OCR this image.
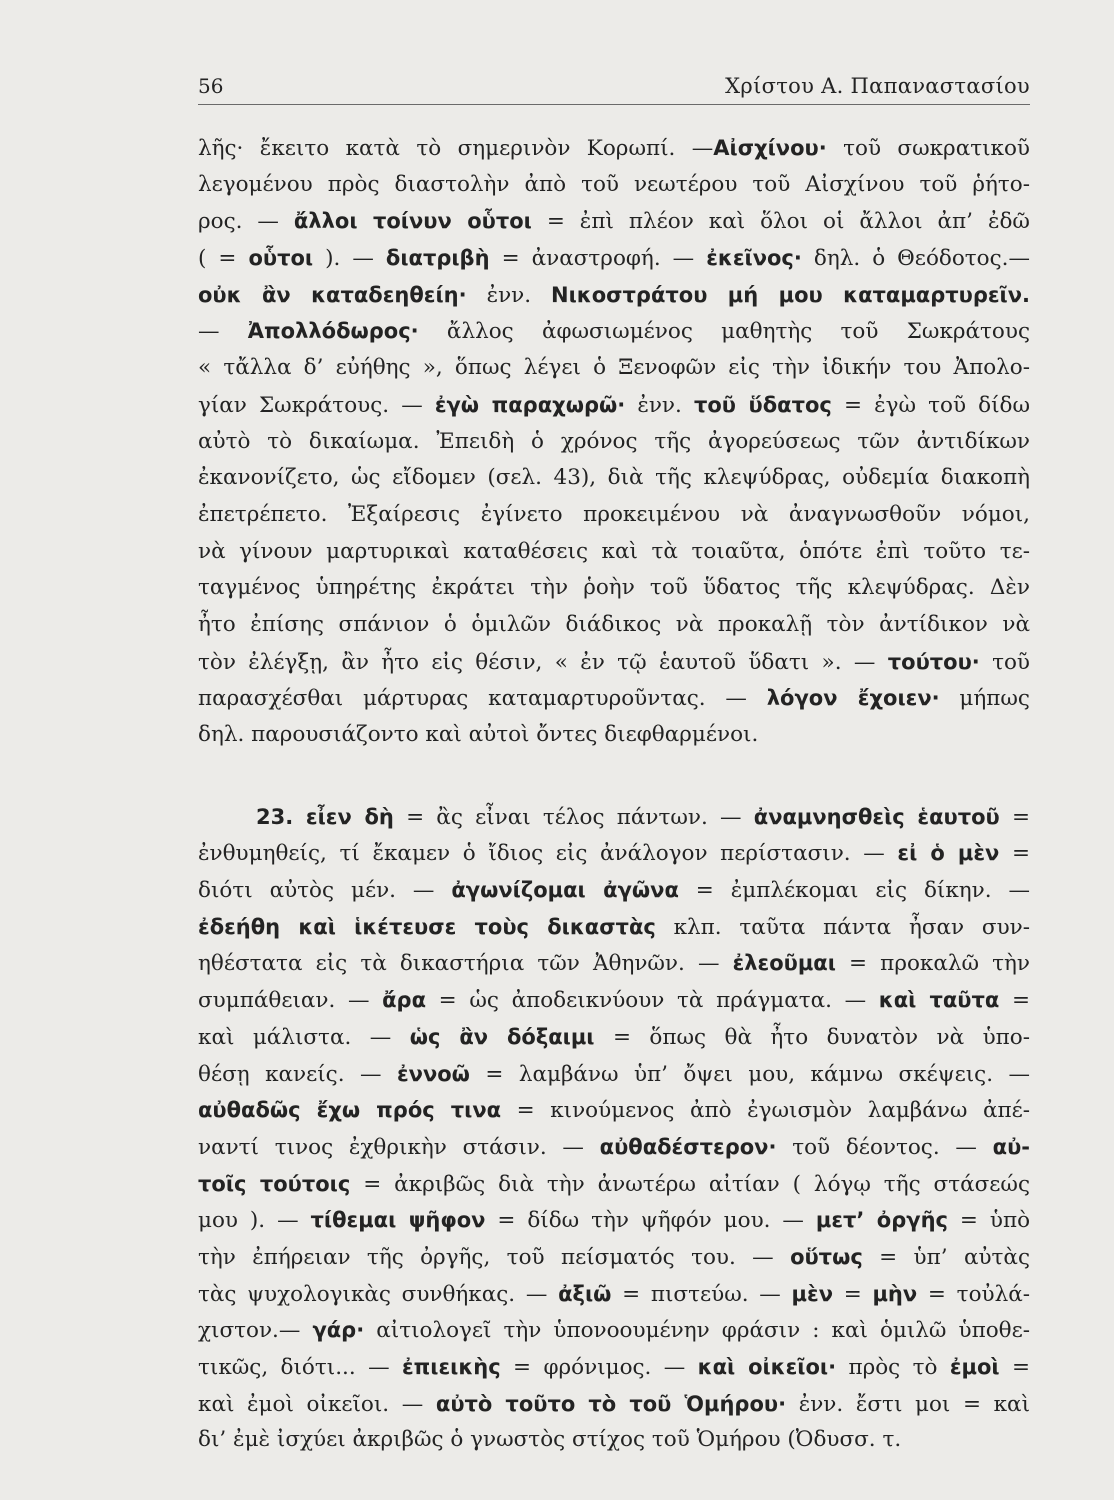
56	Χρίστου Α. Παπαναστασίου
λῆς· ἔκειτο κατὰ τὸ σημερινὸν Κορωπί. —Αἰσχίνου· τοῦ σωκρατικοῦ
λεγομένου πρὸς διαστολὴν ἀπὸ τοῦ νεωτέρου τοῦ Αἰσχίνου τοῦ ῥήτο-
ρος. — ἄλλοι τοίνυν οὗτοι = ἐπὶ πλέον καὶ ὅλοι οἱ ἄλλοι ἀπ’ ἐδῶ
( = οὗτοι ). — διατριβὴ = ἀναστροφή. — ἐκεῖνος· δηλ. ὁ Θεόδοτος.—
οὐκ ἂν καταδεηθείη· ἐνν. Νικοστράτου μή μου καταμαρτυρεῖν.
— Ἀπολλόδωρος· ἄλλος ἀφωσιωμένος μαθητὴς τοῦ Σωκράτους
« τἄλλα δ’ εὐήθης », ὅπως λέγει ὁ Ξενοφῶν εἰς τὴν ἰδικήν του Ἀπολο-
γίαν Σωκράτους. — ἐγὼ παραχωρῶ· ἐνν. τοῦ ὕδατος = ἐγὼ τοῦ δίδω
αὐτὸ τὸ δικαίωμα. Ἐπειδὴ ὁ χρόνος τῆς ἀγορεύσεως τῶν ἀντιδίκων
ἐκανονίζετο, ὡς εἴδομεν (σελ. 43), διὰ τῆς κλεψύδρας, οὐδεμία διακοπὴ
ἐπετρέπετο. Ἐξαίρεσις ἐγίνετο προκειμένου νὰ ἀναγνωσθοῦν νόμοι,
νὰ γίνουν μαρτυρικαὶ καταθέσεις καὶ τὰ τοιαῦτα, ὁπότε ἐπὶ τοῦτο τε-
ταγμένος ὑπηρέτης ἐκράτει τὴν ῥοὴν τοῦ ὕδατος τῆς κλεψύδρας. Δὲν
ἦτο ἐπίσης σπάνιον ὁ ὁμιλῶν διάδικος νὰ προκαλῇ τὸν ἀντίδικον νὰ
τὸν ἐλέγξῃ, ἂν ἦτο εἰς θέσιν, « ἐν τῷ ἑαυτοῦ ὕδατι ». — τούτου· τοῦ
παρασχέσθαι μάρτυρας καταμαρτυροῦντας. — λόγον ἔχοιεν· μήπως
δηλ. παρουσιάζοντο καὶ αὐτοὶ ὄντες διεφθαρμένοι.
23. εἶεν δὴ = ἂς εἶναι τέλος πάντων. — ἀναμνησθεὶς ἑαυτοῦ =
ἐνθυμηθείς, τί ἔκαμεν ὁ ἴδιος εἰς ἀνάλογον περίστασιν. — εἰ ὁ μὲν =
διότι αὐτὸς μέν. — ἀγωνίζομαι ἀγῶνα = ἐμπλέκομαι εἰς δίκην. —
ἐδεήθη καὶ ἱκέτευσε τοὺς δικαστὰς κλπ. ταῦτα πάντα ἦσαν συν-
ηθέστατα εἰς τὰ δικαστήρια τῶν Ἀθηνῶν. — ἐλεοῦμαι = προκαλῶ τὴν
συμπάθειαν. — ἄρα = ὡς ἀποδεικνύουν τὰ πράγματα. — καὶ ταῦτα =
καὶ μάλιστα. — ὡς ἂν δόξαιμι = ὅπως θὰ ἦτο δυνατὸν νὰ ὑπο-
θέσῃ κανείς. — ἐννοῶ = λαμβάνω ὑπ’ ὄψει μου, κάμνω σκέψεις. —
αὐθαδῶς ἔχω πρός τινα = κινούμενος ἀπὸ ἐγωισμὸν λαμβάνω ἀπέ-
ναντί τινος ἐχθρικὴν στάσιν. — αὐθαδέστερον· τοῦ δέοντος. — αὐ-
τοῖς τούτοις = ἀκριβῶς διὰ τὴν ἀνωτέρω αἰτίαν ( λόγῳ τῆς στάσεώς
μου ). — τίθεμαι ψῆφον = δίδω τὴν ψῆφόν μου. — μετ’ ὀργῆς = ὑπὸ
τὴν ἐπήρειαν τῆς ὀργῆς, τοῦ πείσματός του. — οὕτως = ὑπ’ αὐτὰς
τὰς ψυχολογικὰς συνθήκας. — ἀξιῶ = πιστεύω. — μὲν = μὴν = τοὐλά-
χιστον.— γάρ· αἰτιολογεῖ τὴν ὑπονοουμένην φράσιν : καὶ ὁμιλῶ ὑποθε-
τικῶς, διότι... — ἐπιεικὴς = φρόνιμος. — καὶ οἰκεῖοι· πρὸς τὸ ἐμοὶ =
καὶ ἐμοὶ οἰκεῖοι. — αὐτὸ τοῦτο τὸ τοῦ Ὁμήρου· ἐνν. ἔστι μοι = καὶ
δι’ ἐμὲ ἰσχύει ἀκριβῶς ὁ γνωστὸς στίχος τοῦ Ὁμήρου (Ὀδυσσ. τ.
